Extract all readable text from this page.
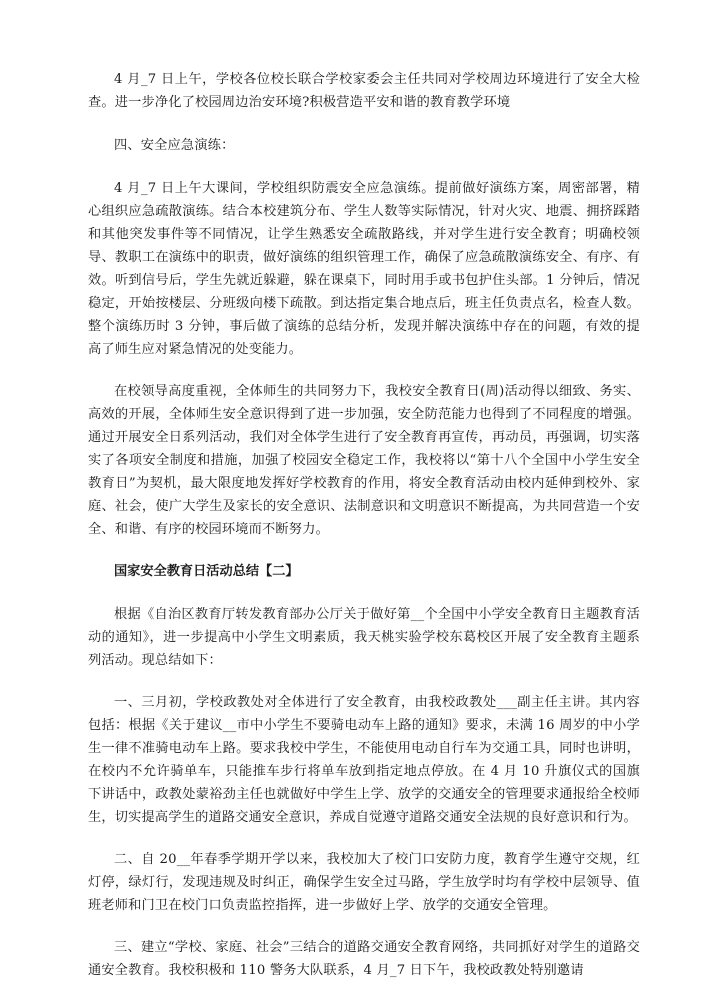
4 月_7 日上午，学校各位校长联合学校家委会主任共同对学校周边环境进行了安全大检查。进一步净化了校园周边治安环境?积极营造平安和谐的教育教学环境

四、安全应急演练：

4 月_7 日上午大课间，学校组织防震安全应急演练。提前做好演练方案，周密部署，精心组织应急疏散演练。结合本校建筑分布、学生人数等实际情况，针对火灾、地震、拥挤踩踏和其他突发事件等不同情况，让学生熟悉安全疏散路线，并对学生进行安全教育；明确校领导、教职工在演练中的职责，做好演练的组织管理工作，确保了应急疏散演练安全、有序、有效。听到信号后，学生先就近躲避，躲在课桌下，同时用手或书包护住头部。1 分钟后，情况稳定，开始按楼层、分班级向楼下疏散。到达指定集合地点后，班主任负责点名，检查人数。整个演练历时 3 分钟，事后做了演练的总结分析，发现并解决演练中存在的问题，有效的提高了师生应对紧急情况的处变能力。

在校领导高度重视，全体师生的共同努力下，我校安全教育日(周)活动得以细致、务实、高效的开展，全体师生安全意识得到了进一步加强，安全防范能力也得到了不同程度的增强。通过开展安全日系列活动，我们对全体学生进行了安全教育再宣传，再动员，再强调，切实落实了各项安全制度和措施，加强了校园安全稳定工作，我校将以“第十八个全国中小学生安全教育日”为契机，最大限度地发挥好学校教育的作用，将安全教育活动由校内延伸到校外、家庭、社会，使广大学生及家长的安全意识、法制意识和文明意识不断提高，为共同营造一个安全、和谐、有序的校园环境而不断努力。

国家安全教育日活动总结【二】

根据《自治区教育厅转发教育部办公厅关于做好第__个全国中小学安全教育日主题教育活动的通知》，进一步提高中小学生文明素质，我天桃实验学校东葛校区开展了安全教育主题系列活动。现总结如下：

一、三月初，学校政教处对全体进行了安全教育，由我校政教处___副主任主讲。其内容包括：根据《关于建议__市中小学生不要骑电动车上路的通知》要求，未满 16 周岁的中小学生一律不准骑电动车上路。要求我校中学生，不能使用电动自行车为交通工具，同时也讲明，在校内不允许骑单车，只能推车步行将单车放到指定地点停放。在 4 月 10 升旗仪式的国旗下讲话中，政教处蒙裕劲主任也就做好中学生上学、放学的交通安全的管理要求通报给全校师生，切实提高学生的道路交通安全意识，养成自觉遵守道路交通安全法规的良好意识和行为。

二、自 20__年春季学期开学以来，我校加大了校门口安防力度，教育学生遵守交规，红灯停，绿灯行，发现违规及时纠正，确保学生安全过马路，学生放学时均有学校中层领导、值班老师和门卫在校门口负责监控指挥，进一步做好上学、放学的交通安全管理。

三、建立“学校、家庭、社会”三结合的道路交通安全教育网络，共同抓好对学生的道路交通安全教育。我校积极和 110 警务大队联系，4 月_7 日下午，我校政教处特别邀请
